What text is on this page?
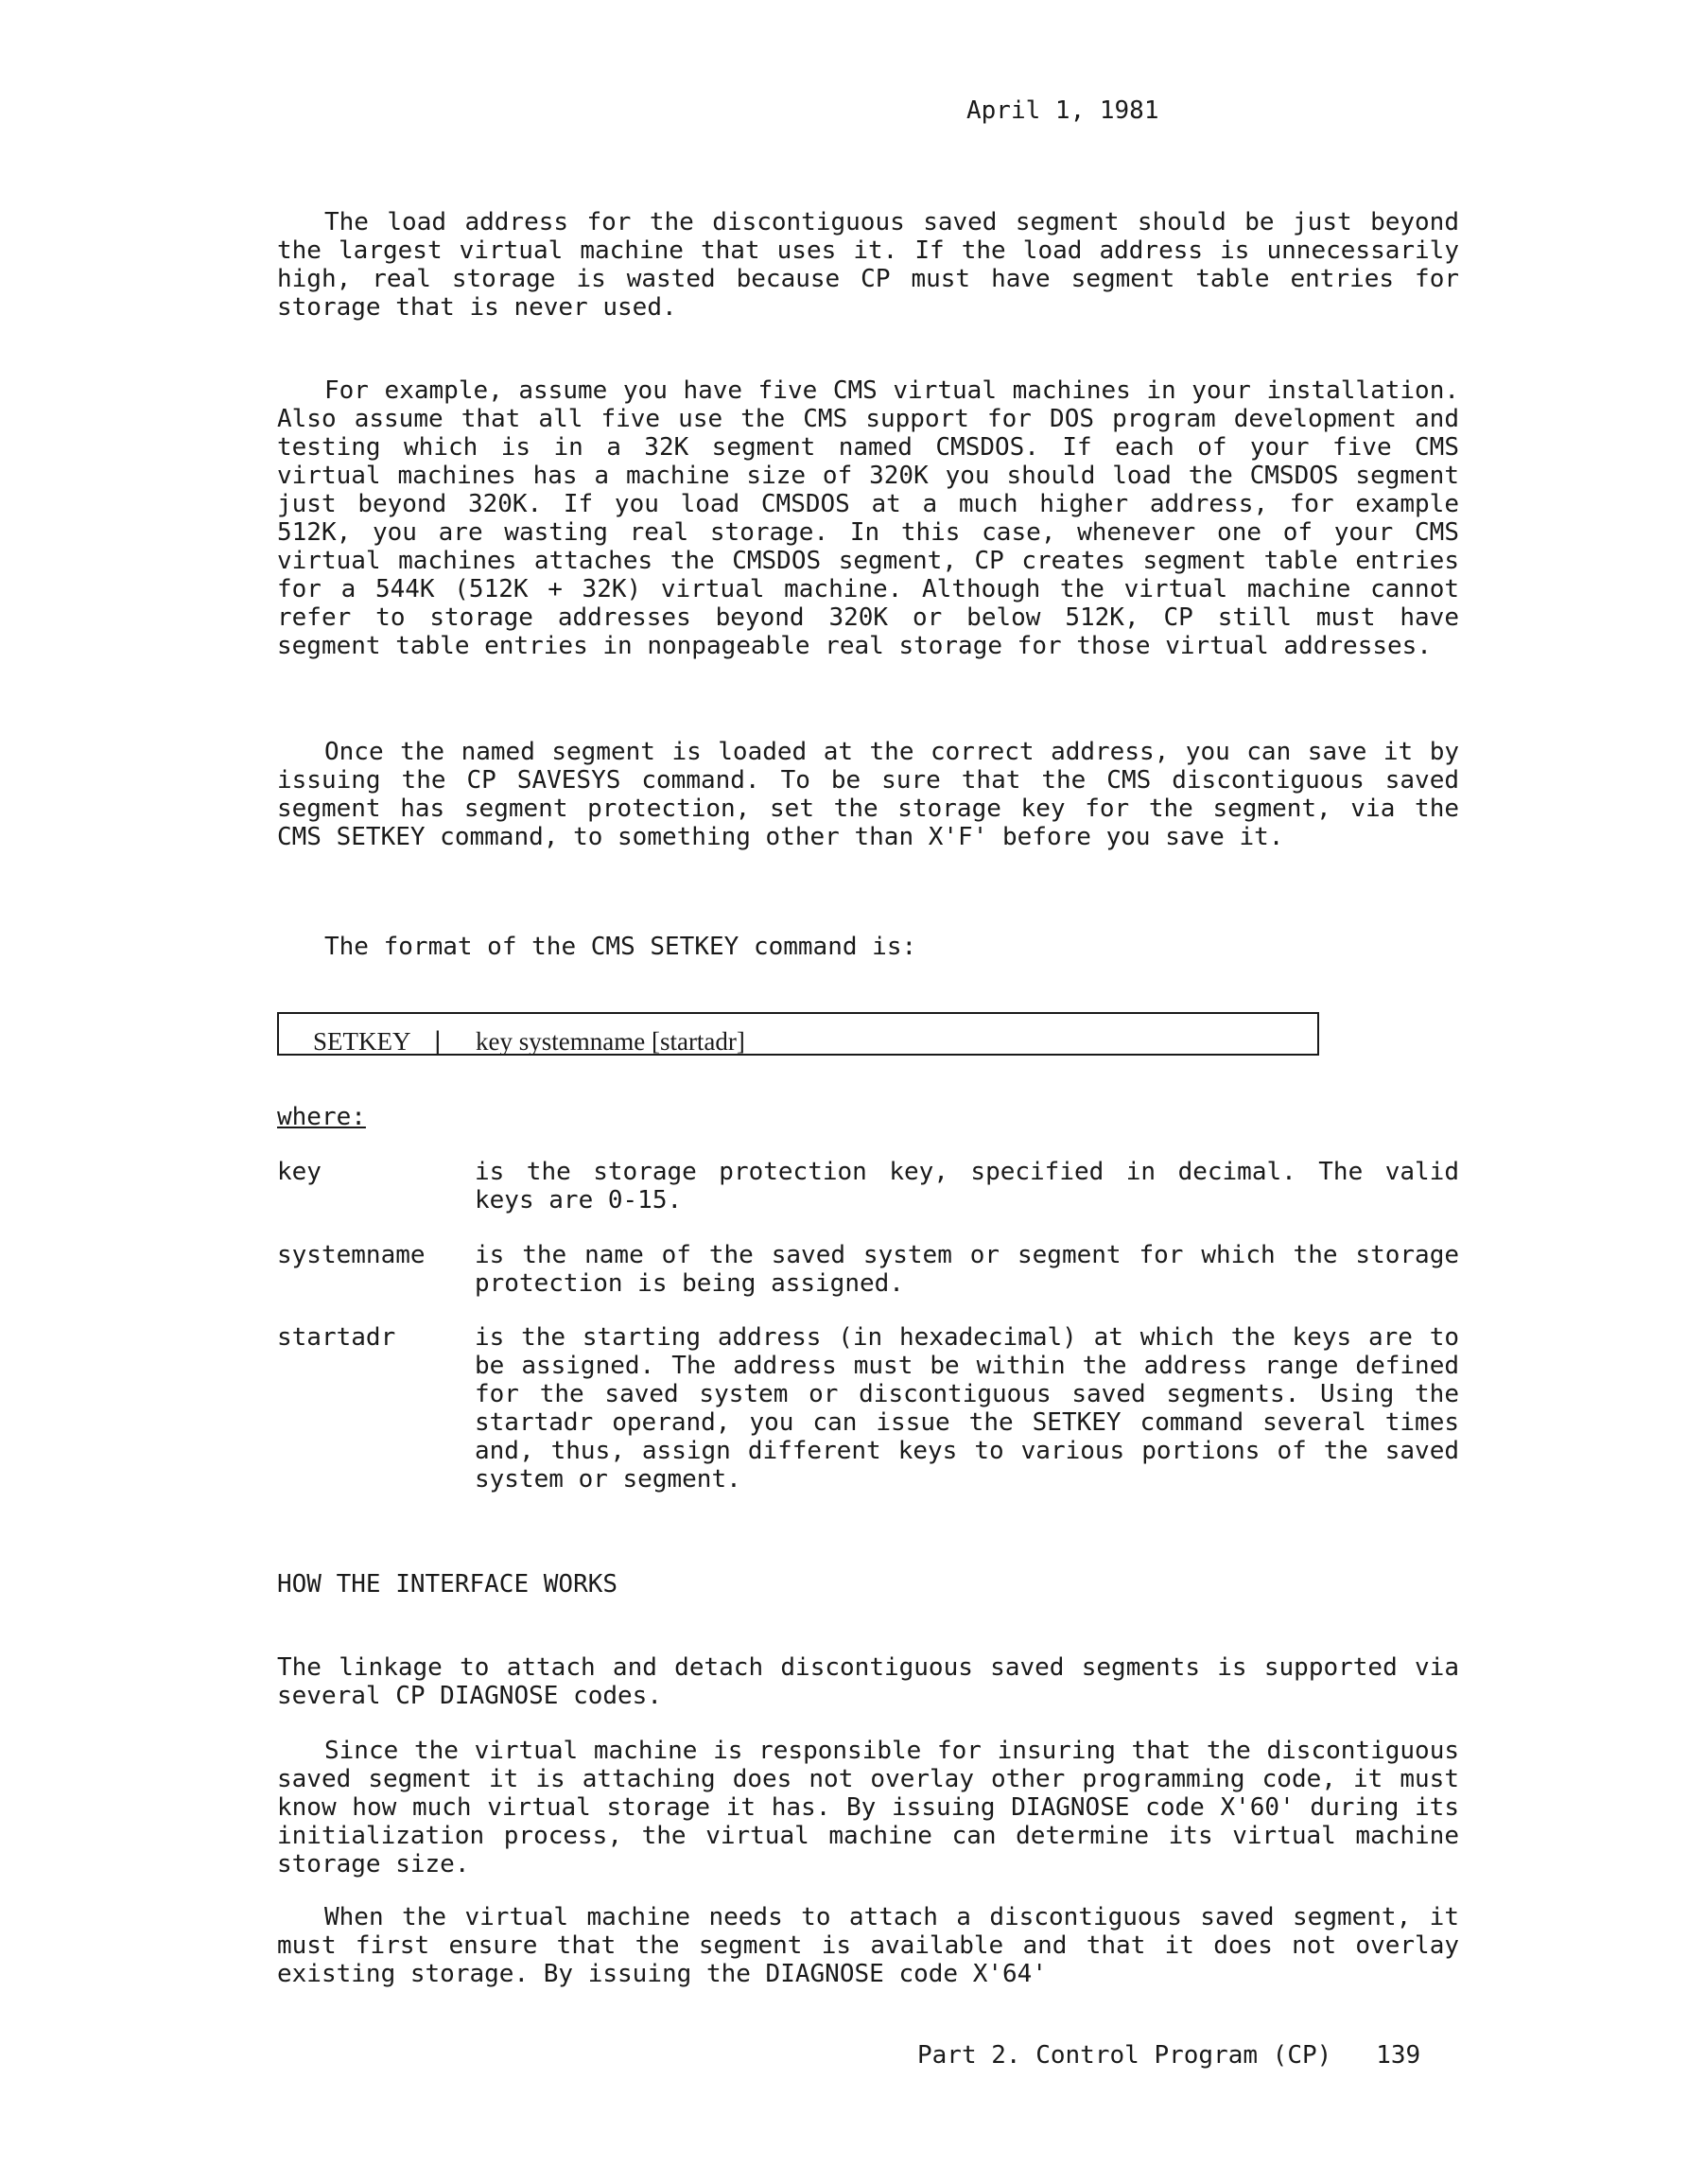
April 1, 1981
The load address for the discontiguous saved segment should be just beyond the largest virtual machine that uses it. If the load address is unnecessarily high, real storage is wasted because CP must have segment table entries for storage that is never used.
For example, assume you have five CMS virtual machines in your installation. Also assume that all five use the CMS support for DOS program development and testing which is in a 32K segment named CMSDOS. If each of your five CMS virtual machines has a machine size of 320K you should load the CMSDOS segment just beyond 320K. If you load CMSDOS at a much higher address, for example 512K, you are wasting real storage. In this case, whenever one of your CMS virtual machines attaches the CMSDOS segment, CP creates segment table entries for a 544K (512K + 32K) virtual machine. Although the virtual machine cannot refer to storage addresses beyond 320K or below 512K, CP still must have segment table entries in nonpageable real storage for those virtual addresses.
Once the named segment is loaded at the correct address, you can save it by issuing the CP SAVESYS command. To be sure that the CMS discontiguous saved segment has segment protection, set the storage key for the segment, via the CMS SETKEY command, to something other than X'F' before you save it.
The format of the CMS SETKEY command is:
SETKEY | key systemname [startadr]
where:
key	is the storage protection key, specified in decimal. The valid keys are 0-15.
systemname is the name of the saved system or segment for which the storage protection is being assigned.
startadr	is the starting address (in hexadecimal) at which the keys are to be assigned. The address must be within the address range defined for the saved system or discontiguous saved segments. Using the startadr operand, you can issue the SETKEY command several times and, thus, assign different keys to various portions of the saved system or segment.
HOW THE INTERFACE WORKS
The linkage to attach and detach discontiguous saved segments is supported via several CP DIAGNOSE codes.
Since the virtual machine is responsible for insuring that the discontiguous saved segment it is attaching does not overlay other programming code, it must know how much virtual storage it has. By issuing DIAGNOSE code X'60' during its initialization process, the virtual machine can determine its virtual machine storage size.
When the virtual machine needs to attach a discontiguous saved segment, it must first ensure that the segment is available and that it does not overlay existing storage. By issuing the DIAGNOSE code X'64'
Part 2. Control Program (CP)   139
